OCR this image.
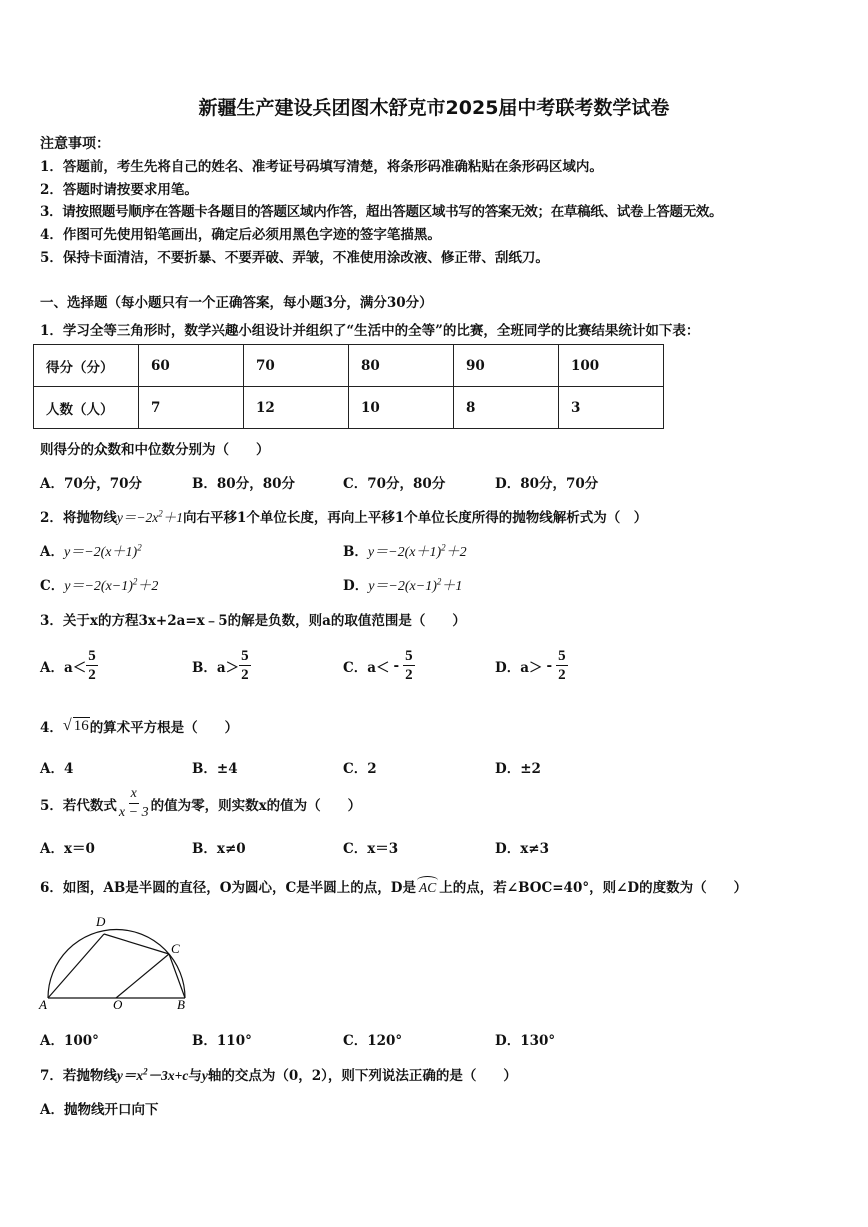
新疆生产建设兵团图木舒克市2025届中考联考数学试卷
注意事项：
1．答题前，考生先将自己的姓名、准考证号码填写清楚，将条形码准确粘贴在条形码区域内。
2．答题时请按要求用笔。
3．请按照题号顺序在答题卡各题目的答题区域内作答，超出答题区域书写的答案无效；在草稿纸、试卷上答题无效。
4．作图可先使用铅笔画出，确定后必须用黑色字迹的签字笔描黑。
5．保持卡面清洁，不要折暴、不要弄破、弄皱，不准使用涂改液、修正带、刮纸刀。
一、选择题（每小题只有一个正确答案，每小题3分，满分30分）
1．学习全等三角形时，数学兴趣小组设计并组织了“生活中的全等”的比赛，全班同学的比赛结果统计如下表：
得分（分）	60	70	80	90	100
人数（人）	7	12	10	8	3
则得分的众数和中位数分别为（　　）
A．70分，70分	B．80分，80分	C．70分，80分	D．80分，70分
2．将抛物线$y=-2x^2+1$向右平移1个单位长度，再向上平移1个单位长度所得的抛物线解析式为（　）
A．$y=-2(x+1)^2$	B．$y=-2(x+1)^2+2$
C．$y=-2(x-1)^2+2$	D．$y=-2(x-1)^2+1$
3．关于x的方程3x+2a=x﹣5的解是负数，则a的取值范围是（　　）
A．$a< \frac{5}{2}$	B．$a> \frac{5}{2}$	C．$a< - \frac{5}{2}$	D．$a> - \frac{5}{2}$
4． √ 16 的算术平方根是（　　）
A．4	B．±4	C．2	D．±2
5．若代数式 $\frac{x}{x - 3}$ 的值为零，则实数x的值为（　　）
A．x＝0	B．x≠0	C．x＝3	D．x≠3
6．如图，AB是半圆的直径，O为圆心，C是半圆上的点，D是 AC 上的点，若∠BOC=40°，则∠D的度数为（　　）
A	O	B
C
D
A．100°	B．110°	C．120°	D．130°
7．若抛物线$y=x^2-3x+c$与y轴的交点为（0，2），则下列说法正确的是（　　）
A．抛物线开口向下
